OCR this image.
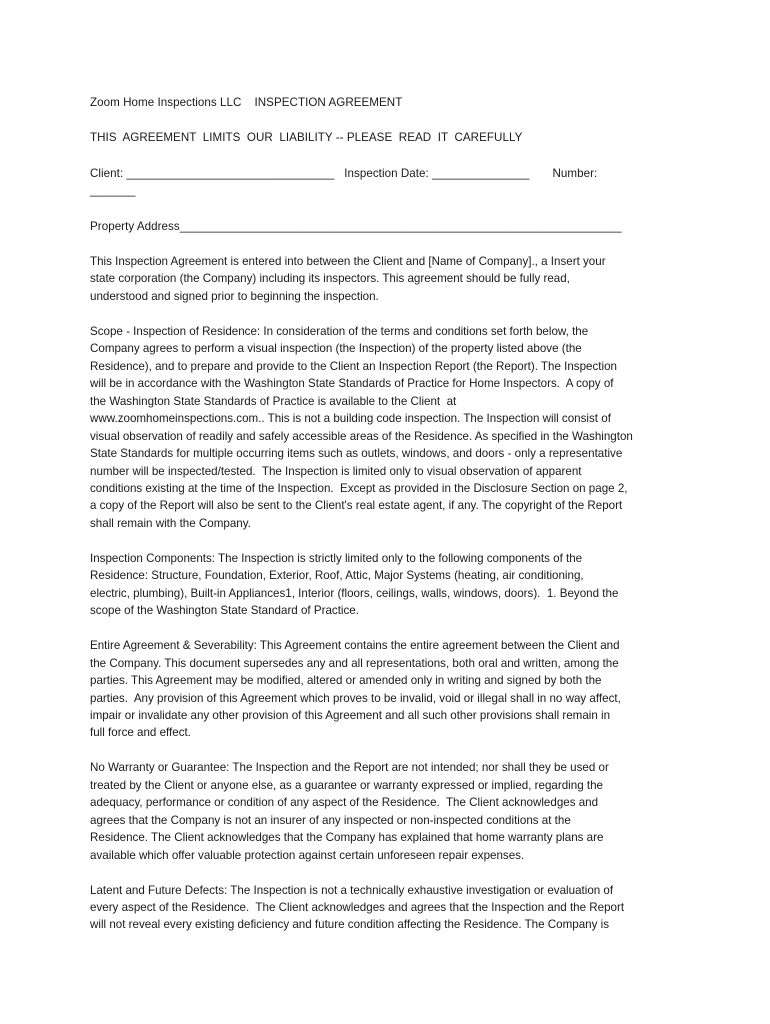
Zoom Home Inspections LLC    INSPECTION AGREEMENT
THIS  AGREEMENT  LIMITS  OUR  LIABILITY -- PLEASE  READ  IT  CAREFULLY
Client: ________________________________   Inspection Date: _______________       Number:
_______
Property Address____________________________________________________________________

This Inspection Agreement is entered into between the Client and [Name of Company]., a Insert your

state corporation (the Company) including its inspectors. This agreement should be fully read,

understood and signed prior to beginning the inspection.

Scope - Inspection of Residence: In consideration of the terms and conditions set forth below, the

Company agrees to perform a visual inspection (the Inspection) of the property listed above (the

Residence), and to prepare and provide to the Client an Inspection Report (the Report). The Inspection

will be in accordance with the Washington State Standards of Practice for Home Inspectors.  A copy of

the Washington State Standards of Practice is available to the Client  at

www.zoomhomeinspections.com.. This is not a building code inspection. The Inspection will consist of

visual observation of readily and safely accessible areas of the Residence. As specified in the Washington

State Standards for multiple occurring items such as outlets, windows, and doors - only a representative

number will be inspected/tested.  The Inspection is limited only to visual observation of apparent

conditions existing at the time of the Inspection.  Except as provided in the Disclosure Section on page 2,

a copy of the Report will also be sent to the Client's real estate agent, if any. The copyright of the Report

shall remain with the Company.

Inspection Components: The Inspection is strictly limited only to the following components of the

Residence: Structure, Foundation, Exterior, Roof, Attic, Major Systems (heating, air conditioning,

electric, plumbing), Built-in Appliances1, Interior (floors, ceilings, walls, windows, doors).  1. Beyond the

scope of the Washington State Standard of Practice.

Entire Agreement & Severability: This Agreement contains the entire agreement between the Client and

the Company. This document supersedes any and all representations, both oral and written, among the

parties. This Agreement may be modified, altered or amended only in writing and signed by both the

parties.  Any provision of this Agreement which proves to be invalid, void or illegal shall in no way affect,

impair or invalidate any other provision of this Agreement and all such other provisions shall remain in

full force and effect.

No Warranty or Guarantee: The Inspection and the Report are not intended; nor shall they be used or

treated by the Client or anyone else, as a guarantee or warranty expressed or implied, regarding the

adequacy, performance or condition of any aspect of the Residence.  The Client acknowledges and

agrees that the Company is not an insurer of any inspected or non-inspected conditions at the

Residence. The Client acknowledges that the Company has explained that home warranty plans are

available which offer valuable protection against certain unforeseen repair expenses.

Latent and Future Defects: The Inspection is not a technically exhaustive investigation or evaluation of

every aspect of the Residence.  The Client acknowledges and agrees that the Inspection and the Report

will not reveal every existing deficiency and future condition affecting the Residence. The Company is
